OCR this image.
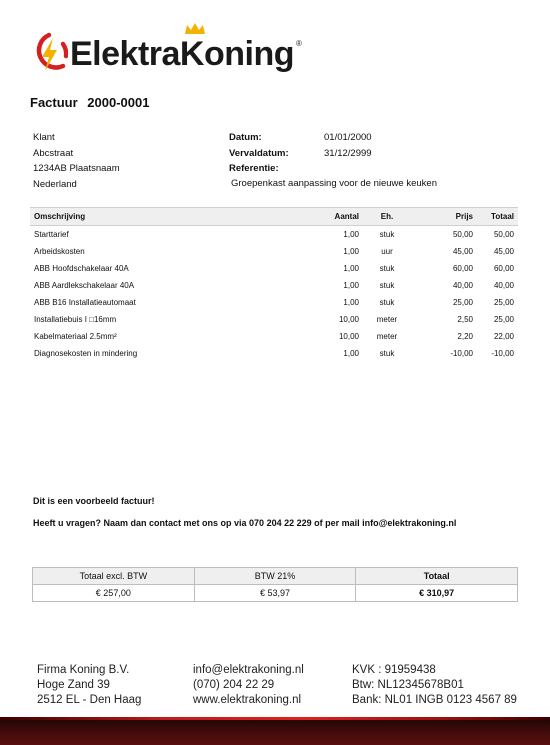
Elektra
Koning ®
Factuur 2000-0001
Klant
Abcstraat
1234AB Plaatsnaam
Nederland
Datum:	01/01/2000
Vervaldatum:	31/12/2999
Referentie:
Groepenkast aanpassing voor de nieuwe keuken
Omschrijving	Aantal	Eh.	Prijs	Totaal
Starttarief	1,00	stuk	50,00	50,00
Arbeidskosten	1,00	uur	45,00	45,00
ABB Hoofdschakelaar 40A	1,00	stuk	60,00	60,00
ABB Aardlekschakelaar 40A	1,00	stuk	40,00	40,00
ABB B16 Installatieautomaat	1,00	stuk	25,00	25,00
Installatiebuis I □16mm	10,00	meter	2,50	25,00
Kabelmateriaal 2.5mm²	10,00	meter	2,20	22,00
Diagnosekosten in mindering	1,00	stuk	-10,00	-10,00
Dit is een voorbeeld factuur!
Heeft u vragen? Naam dan contact met ons op via 070 204 22 229 of per mail info@elektrakoning.nl
Totaal excl. BTW	BTW 21%	Totaal
€ 257,00	€ 53,97	€ 310,97
Firma Koning B.V.
Hoge Zand 39
2512 EL - Den Haag
info@elektrakoning.nl
(070) 204 22 29
www.elektrakoning.nl
KVK : 91959438
Btw: NL12345678B01
Bank: NL01 INGB 0123 4567 89
